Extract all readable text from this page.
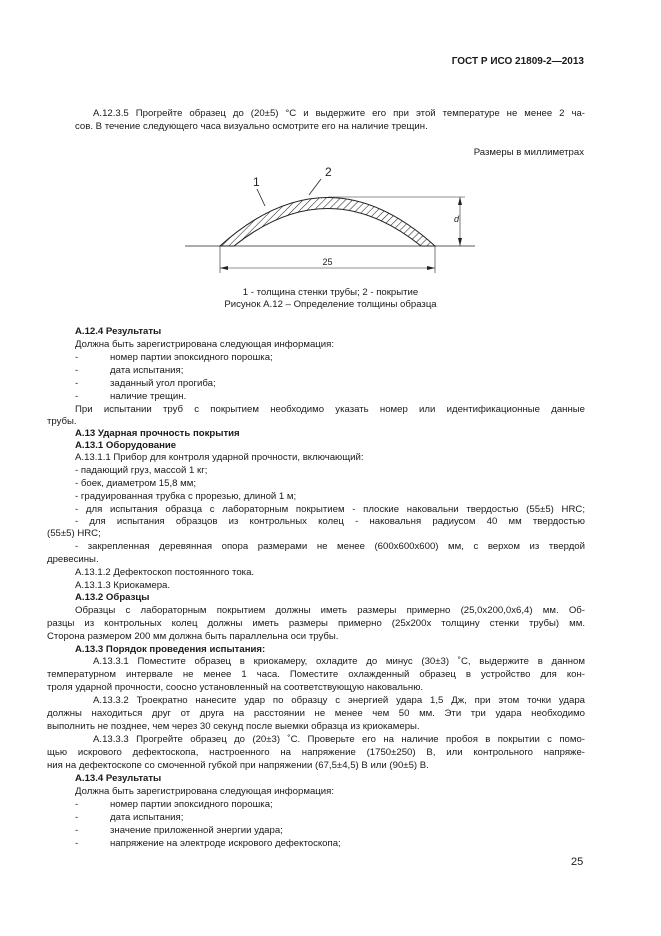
ГОСТ Р ИСО 21809-2—2013
А.12.3.5 Прогрейте образец до (20±5) °С и выдержите его при этой температуре не менее 2 ча-
сов. В течение следующего часа визуально осмотрите его на наличие трещин.
Размеры в миллиметрах
1
2
25
d
1 - толщина стенки трубы; 2 - покрытие
Рисунок А.12 – Определение толщины образца
А.12.4 Результаты
Должна быть зарегистрирована следующая информация:
-	номер партии эпоксидного порошка;
-	дата испытания;
-	заданный угол прогиба;
-	наличие трещин.
При испытании труб с покрытием необходимо указать номер или идентификационные данные
трубы.
А.13 Ударная прочность покрытия
А.13.1 Оборудование
А.13.1.1 Прибор для контроля ударной прочности, включающий:
- падающий груз, массой 1 кг;
- боек, диаметром 15,8 мм;
- градуированная трубка с прорезью, длиной 1 м;
- для испытания образца с лабораторным покрытием - плоские наковальни твердостью (55±5) HRC;
- для испытания образцов из контрольных колец - наковальня радиусом 40 мм твердостью
(55±5) HRC;
- закрепленная деревянная опора размерами не менее (600х600х600) мм, с верхом из твердой
древесины.
А.13.1.2 Дефектоскоп постоянного тока.
А.13.1.3 Криокамера.
А.13.2 Образцы
Образцы с лабораторным покрытием должны иметь размеры примерно (25,0х200,0х6,4) мм. Об-
разцы из контрольных колец должны иметь размеры примерно (25х200х толщину стенки трубы) мм.
Сторона размером 200 мм должна быть параллельна оси трубы.
А.13.3 Порядок проведения испытания:
А.13.3.1 Поместите образец в криокамеру, охладите до минус (30±3) ˚С, выдержите в данном
температурном интервале не менее 1 часа. Поместите охлажденный образец в устройство для кон-
троля ударной прочности, соосно установленный на соответствующую наковальню.
А.13.3.2 Троекратно нанесите удар по образцу с энергией удара 1,5 Дж, при этом точки удара
должны находиться друг от друга на расстоянии не менее чем 50 мм. Эти три удара необходимо
выполнить не позднее, чем через 30 секунд после выемки образца из криокамеры.
А.13.3.3 Прогрейте образец до (20±3) ˚С. Проверьте его на наличие пробоя в покрытии с помо-
щью искрового дефектоскопа, настроенного на напряжение (1750±250) В, или контрольного напряже-
ния на дефектоскопе со смоченной губкой при напряжении (67,5±4,5) В или (90±5) В.
А.13.4 Результаты
Должна быть зарегистрирована следующая информация:
-	номер партии эпоксидного порошка;
-	дата испытания;
-	значение приложенной энергии удара;
-	напряжение на электроде искрового дефектоскопа;
25
